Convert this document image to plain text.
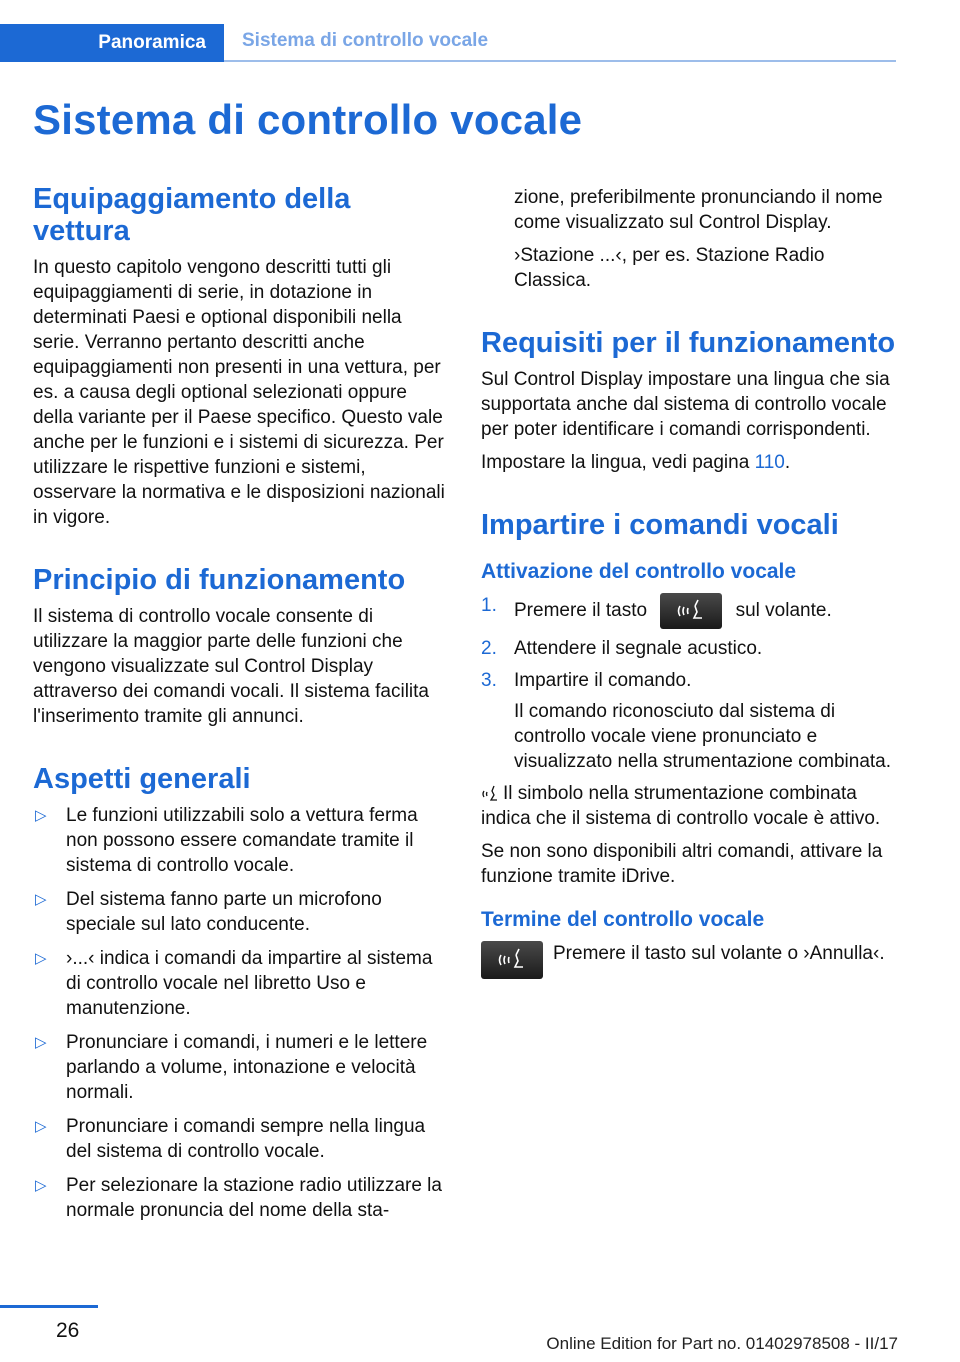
Panoramica Sistema di controllo vocale
Sistema di controllo vocale
Equipaggiamento della vettura

In questo capitolo vengono descritti tutti gli equipaggiamenti di serie, in dotazione in determinati Paesi e optional disponibili nella serie. Verranno pertanto descritti anche equipaggiamenti non presenti in una vettura, per es. a causa degli optional selezionati oppure della variante per il Paese specifico. Questo vale anche per le funzioni e i sistemi di sicurezza. Per utilizzare le rispettive funzioni e sistemi, osservare la normativa e le disposizioni nazionali in vigore.

Principio di funzionamento

Il sistema di controllo vocale consente di utilizzare la maggior parte delle funzioni che vengono visualizzate sul Control Display attraverso dei comandi vocali. Il sistema facilita l'inserimento tramite gli annunci.

Aspetti generali
▷ Le funzioni utilizzabili solo a vettura ferma non possono essere comandate tramite il sistema di controllo vocale.
▷ Del sistema fanno parte un microfono speciale sul lato conducente.
▷ ›...‹ indica i comandi da impartire al sistema di controllo vocale nel libretto Uso e manutenzione.
▷ Pronunciare i comandi, i numeri e le lettere parlando a volume, intonazione e velocità normali.
▷ Pronunciare i comandi sempre nella lingua del sistema di controllo vocale.
▷ Per selezionare la stazione radio utilizzare la normale pronuncia del nome della sta-

zione, preferibilmente pronunciando il nome come visualizzato sul Control Display.

›Stazione ...‹, per es. Stazione Radio Classica.

Requisiti per il funzionamento

Sul Control Display impostare una lingua che sia supportata anche dal sistema di controllo vocale per poter identificare i comandi corrispondenti.

Impostare la lingua, vedi pagina 110.

Impartire i comandi vocali
Attivazione del controllo vocale
1. Premere il tasto	sul volante.
2. Attendere il segnale acustico.
3. Impartire il comando.
Il comando riconosciuto dal sistema di controllo vocale viene pronunciato e visualizzato nella strumentazione combinata.

Il simbolo nella strumentazione combinata indica che il sistema di controllo vocale è attivo.

Se non sono disponibili altri comandi, attivare la funzione tramite iDrive.

Termine del controllo vocale

Premere il tasto sul volante o ›Annulla‹.

26
Online Edition for Part no. 01402978508 - II/17
